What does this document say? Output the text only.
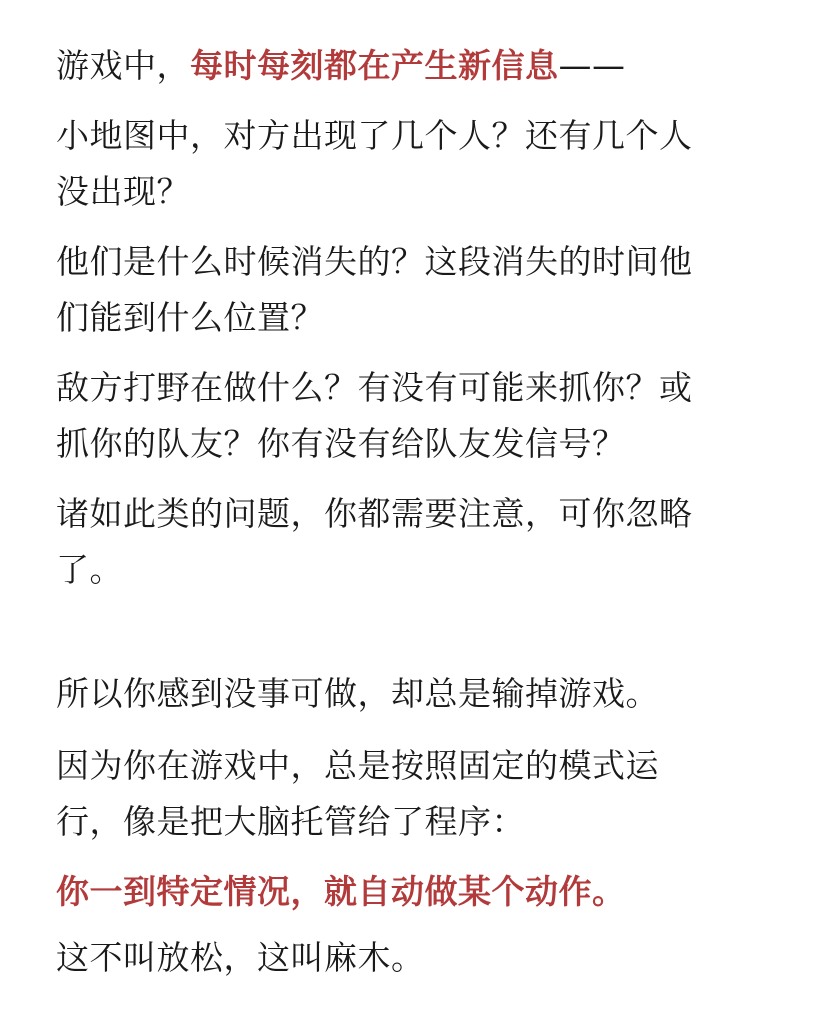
游戏中，每时每刻都在产生新信息——

小地图中，对方出现了几个人？还有几个人
没出现？

他们是什么时候消失的？这段消失的时间他
们能到什么位置？

敌方打野在做什么？有没有可能来抓你？或
抓你的队友？你有没有给队友发信号？

诸如此类的问题，你都需要注意，可你忽略
了。

所以你感到没事可做，却总是输掉游戏。

因为你在游戏中，总是按照固定的模式运
行，像是把大脑托管给了程序：

你一到特定情况，就自动做某个动作。

这不叫放松，这叫麻木。
